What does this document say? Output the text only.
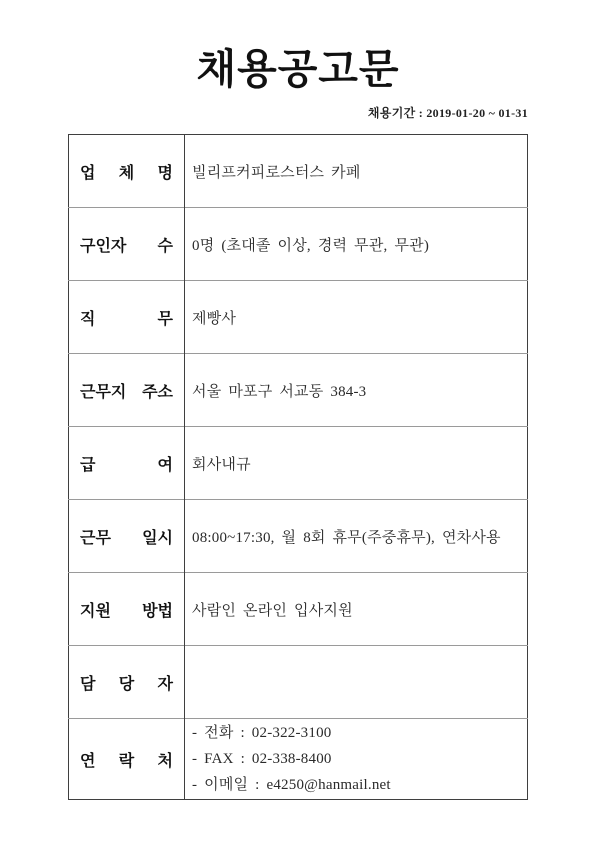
채용공고문
채용기간 : 2019-01-20 ~ 01-31
업 체 명	빌리프커피로스터스 카페

구인자 수	0명 (초대졸 이상, 경력 무관, 무관)

직 무	제빵사

근무지 주소	서울 마포구 서교동 384-3

급 여	회사내규

근무 일시	08:00~17:30, 월 8회 휴무(주중휴무), 연차사용

지원 방법	사람인 온라인 입사지원

담 당 자	

연 락 처	- 전화 : 02-322-3100
- FAX : 02-338-8400
- 이메일 : e4250@hanmail.net
